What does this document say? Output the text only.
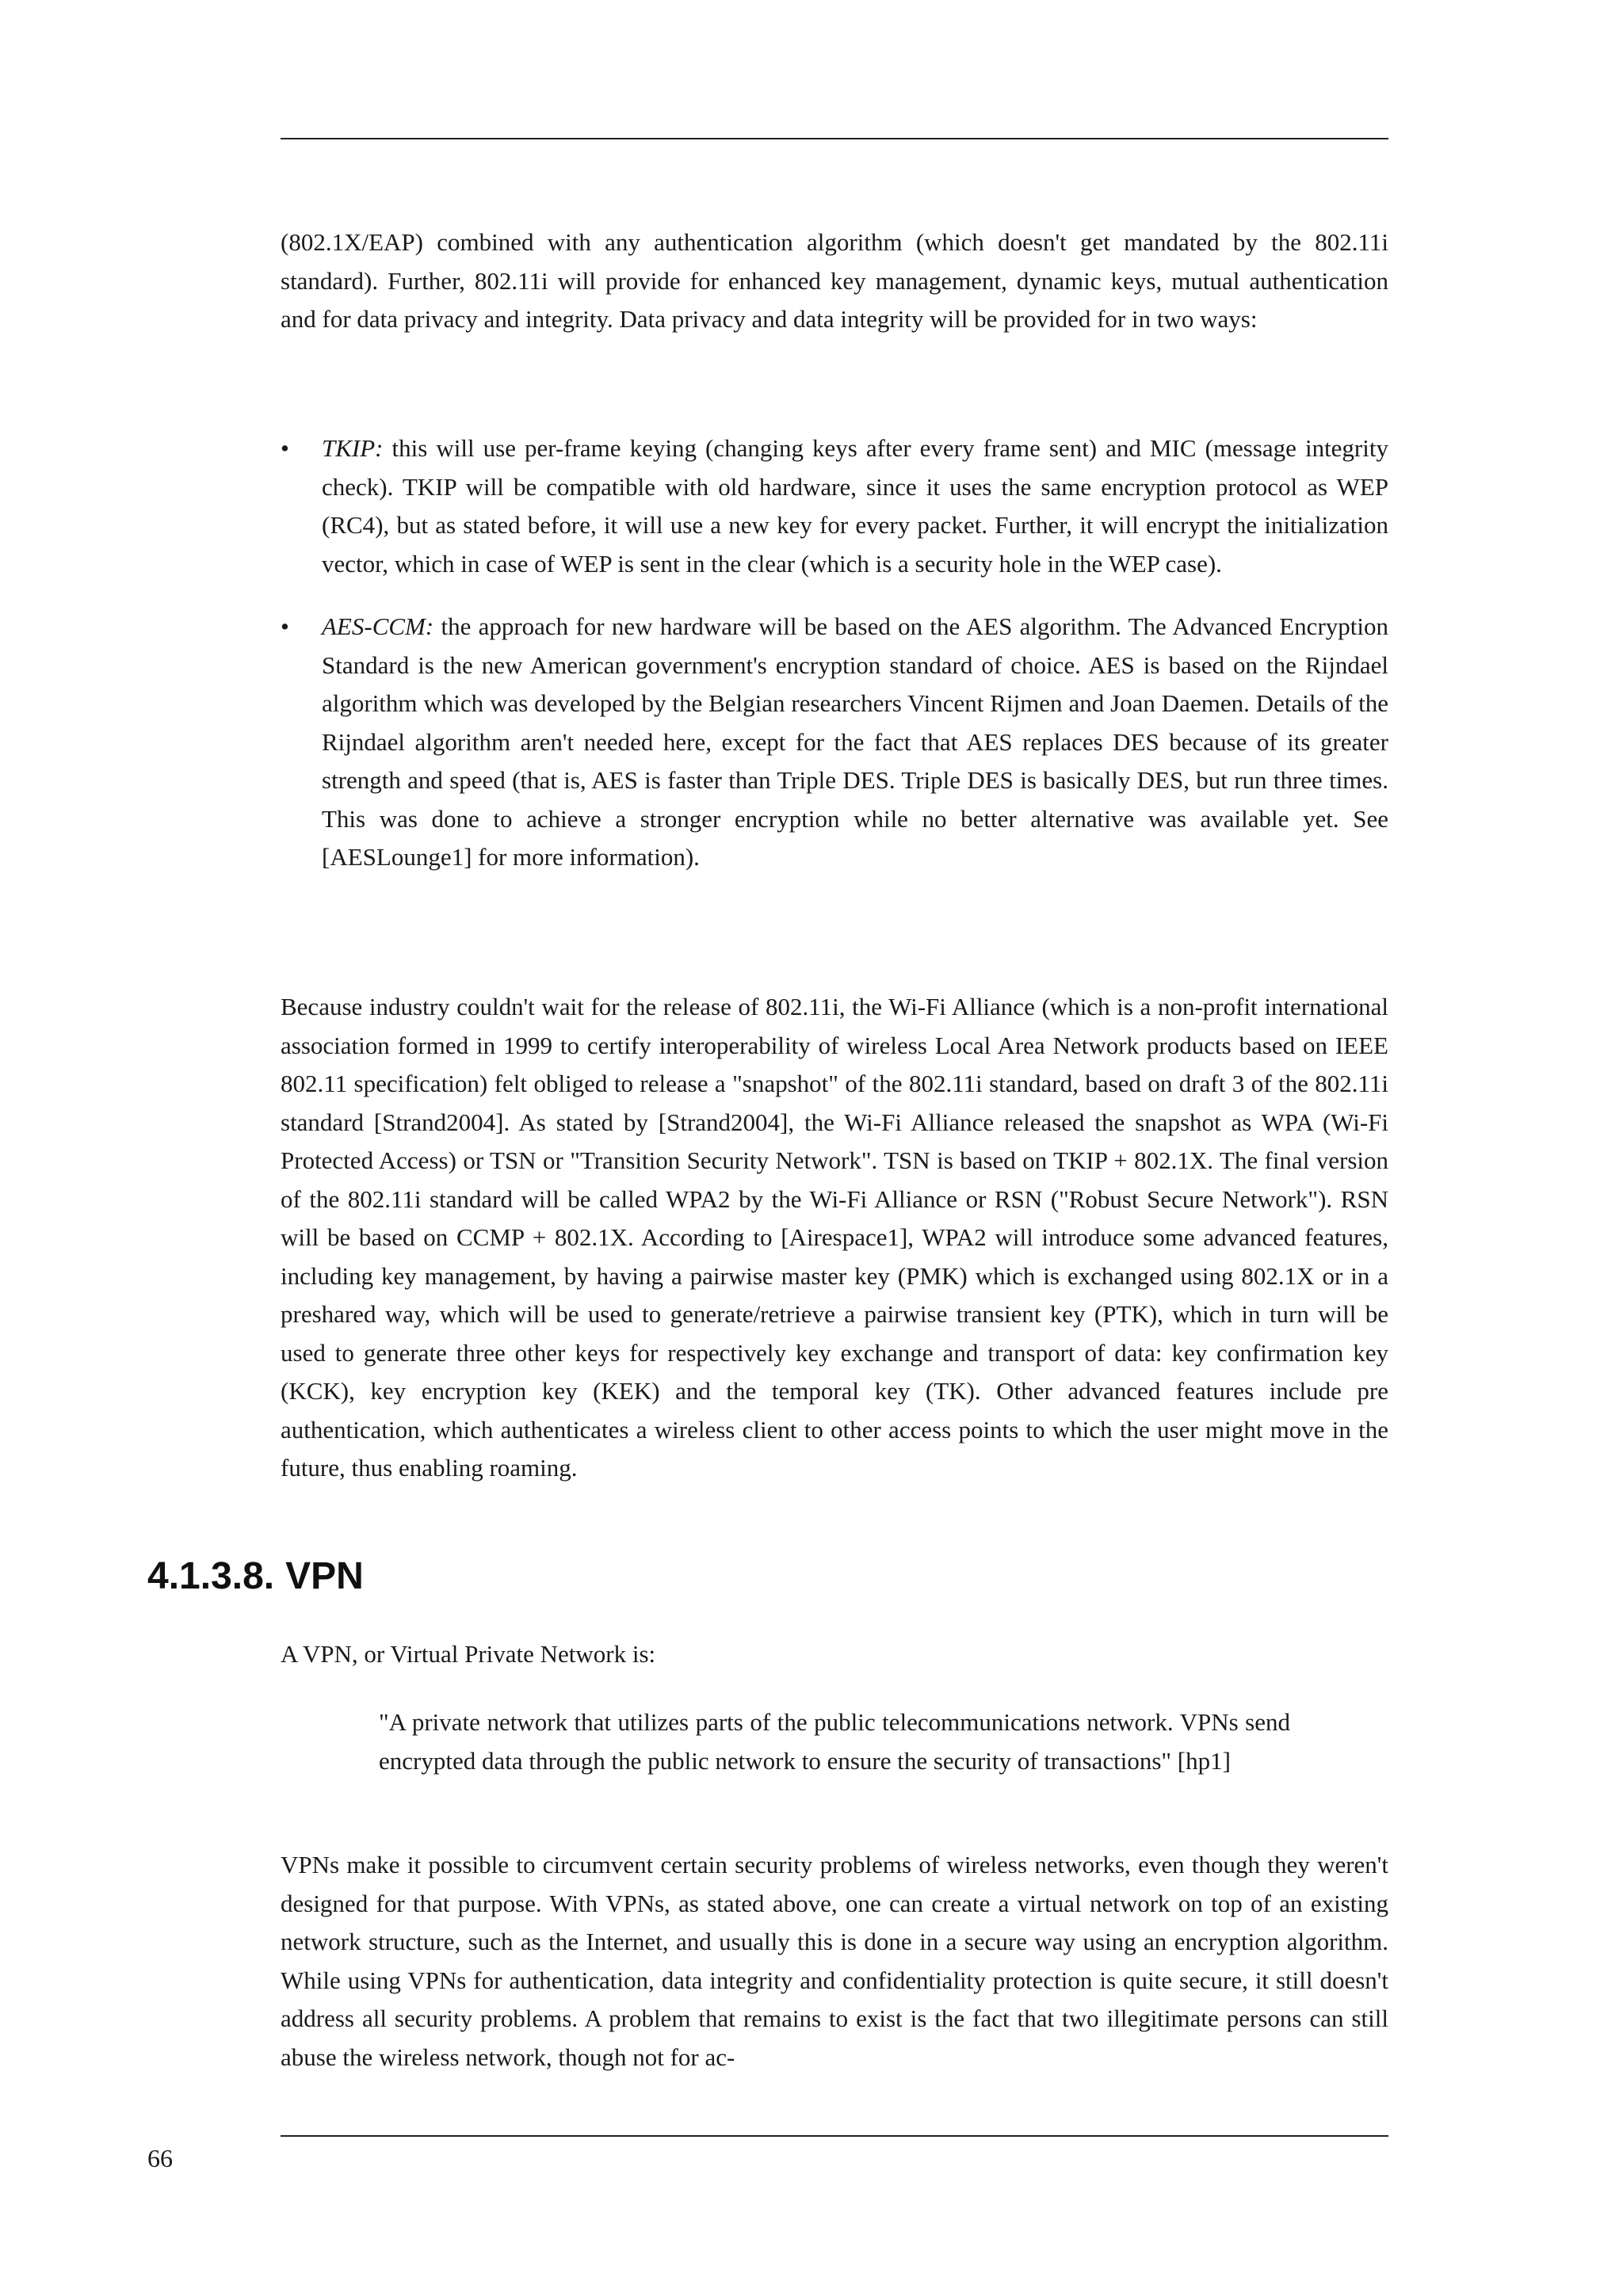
(802.1X/EAP) combined with any authentication algorithm (which doesn't get mandated by the 802.11i standard). Further, 802.11i will provide for enhanced key management, dynamic keys, mutual authentication and for data privacy and integrity. Data privacy and data integrity will be provided for in two ways:

•	TKIP: this will use per-frame keying (changing keys after every frame sent) and MIC (message integrity check). TKIP will be compatible with old hardware, since it uses the same encryption protocol as WEP (RC4), but as stated before, it will use a new key for every packet. Further, it will encrypt the initialization vector, which in case of WEP is sent in the clear (which is a security hole in the WEP case).
•	AES-CCM: the approach for new hardware will be based on the AES algorithm. The Advanced Encryption Standard is the new American government's encryption standard of choice. AES is based on the Rijndael algorithm which was developed by the Belgian researchers Vincent Rijmen and Joan Daemen. Details of the Rijndael algorithm aren't needed here, except for the fact that AES replaces DES because of its greater strength and speed (that is, AES is faster than Triple DES. Triple DES is basically DES, but run three times. This was done to achieve a stronger encryption while no better alternative was available yet. See [AESLounge1] for more information).

Because industry couldn't wait for the release of 802.11i, the Wi-Fi Alliance (which is a non-profit international association formed in 1999 to certify interoperability of wireless Local Area Network products based on IEEE 802.11 specification) felt obliged to release a "snapshot" of the 802.11i standard, based on draft 3 of the 802.11i standard [Strand2004]. As stated by [Strand2004], the Wi-Fi Alliance released the snapshot as WPA (Wi-Fi Protected Access) or TSN or "Transition Security Network". TSN is based on TKIP + 802.1X. The final version of the 802.11i standard will be called WPA2 by the Wi-Fi Alliance or RSN ("Robust Secure Network"). RSN will be based on CCMP + 802.1X. According to [Airespace1], WPA2 will introduce some advanced features, including key management, by having a pairwise master key (PMK) which is exchanged using 802.1X or in a preshared way, which will be used to generate/retrieve a pairwise transient key (PTK), which in turn will be used to generate three other keys for respectively key exchange and transport of data: key confirmation key (KCK), key encryption key (KEK) and the temporal key (TK). Other advanced features include pre authentication, which authenticates a wireless client to other access points to which the user might move in the future, thus enabling roaming.

4.1.3.8. VPN

A VPN, or Virtual Private Network is:

"A private network that utilizes parts of the public telecommunications network. VPNs send encrypted data through the public network to ensure the security of transactions" [hp1]

VPNs make it possible to circumvent certain security problems of wireless networks, even though they weren't designed for that purpose. With VPNs, as stated above, one can create a virtual network on top of an existing network structure, such as the Internet, and usually this is done in a secure way using an encryption algorithm. While using VPNs for authentication, data integrity and confidentiality protection is quite secure, it still doesn't address all security problems. A problem that remains to exist is the fact that two illegitimate persons can still abuse the wireless network, though not for ac-

66
